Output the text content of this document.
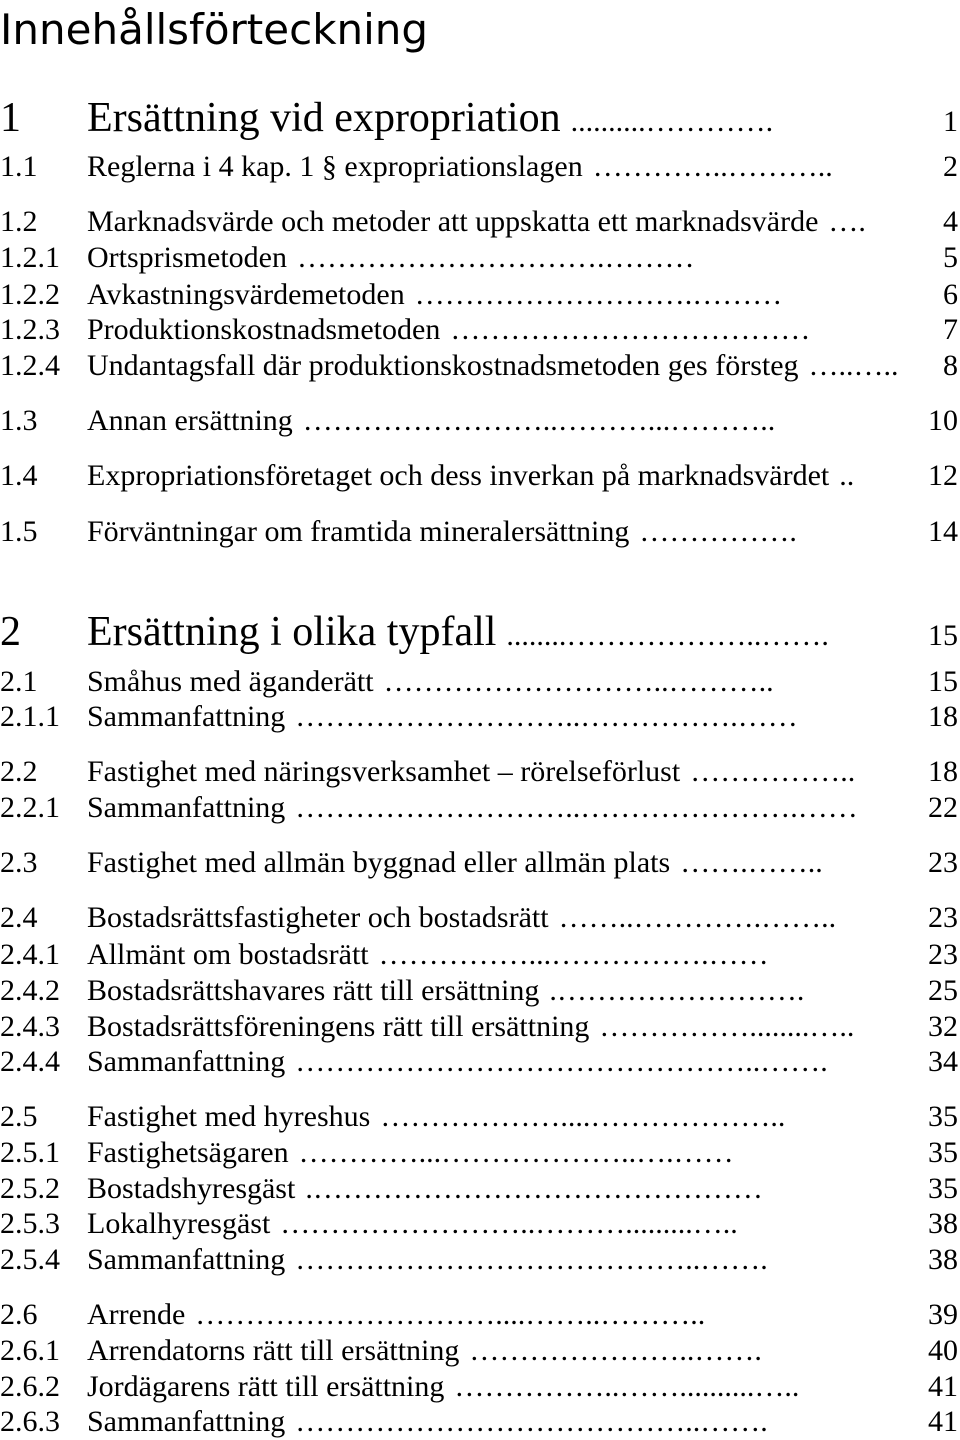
Innehållsförteckning
1	Ersättning vid expropriation ..........………….	1
1.1	Reglerna i 4 kap. 1 § expropriationslagen …………..………..	2
1.2	Marknadsvärde och metoder att uppskatta ett marknadsvärde ….	4
1.2.1 Ortsprismetoden ………………………….………	5
1.2.2 Avkastningsvärdemetoden ……………………….………	6
1.2.3 Produktionskostnadsmetoden ………………………………	7
1.2.4 Undantagsfall där produktionskostnadsmetoden ges försteg …..…..	8
1.3	Annan ersättning ……………………..………...………..	10
1.4	Expropriationsföretaget och dess inverkan på marknadsvärdet ..	12
1.5	Förväntningar om framtida mineralersättning …………….	14
2	Ersättning i olika typfall ........………………..…….	15
2.1	Småhus med äganderätt ………………………..………..	15
2.1.1 Sammanfattning ………………………..…………….……	18
2.2	Fastighet med näringsverksamhet – rörelseförlust ……………..	18
2.2.1 Sammanfattning ………………………..………………….……	22
2.3	Fastighet med allmän byggnad eller allmän plats …….……..	23
2.4	Bostadsrättsfastigheter och bostadsrätt ……..………….……..	23
2.4.1 Allmänt om bostadsrätt ……………...…………….……	23
2.4.2 Bostadsrättshavares rätt till ersättning .…………………….	25
2.4.3 Bostadsrättsföreningens rätt till ersättning ……………........…..	32
2.4.4 Sammanfattning ………………………………………..…….	34
2.5	Fastighet med hyreshus ………………....………………..	35
2.5.1 Fastighetsägaren …………...………………..….……	35
2.5.2 Bostadshyresgäst .………………………………………	35
2.5.3 Lokalhyresgäst ……………………..……….........…..	38
2.5.4 Sammanfattning …………………………………..…….	38
2.6	Arrende …………………………....……..………..	39
2.6.1 Arrendatorns rätt till ersättning …………………..…….	40
2.6.2 Jordägarens rätt till ersättning ……………..……..........…..	41
2.6.3 Sammanfattning …………………………………..…….	41
